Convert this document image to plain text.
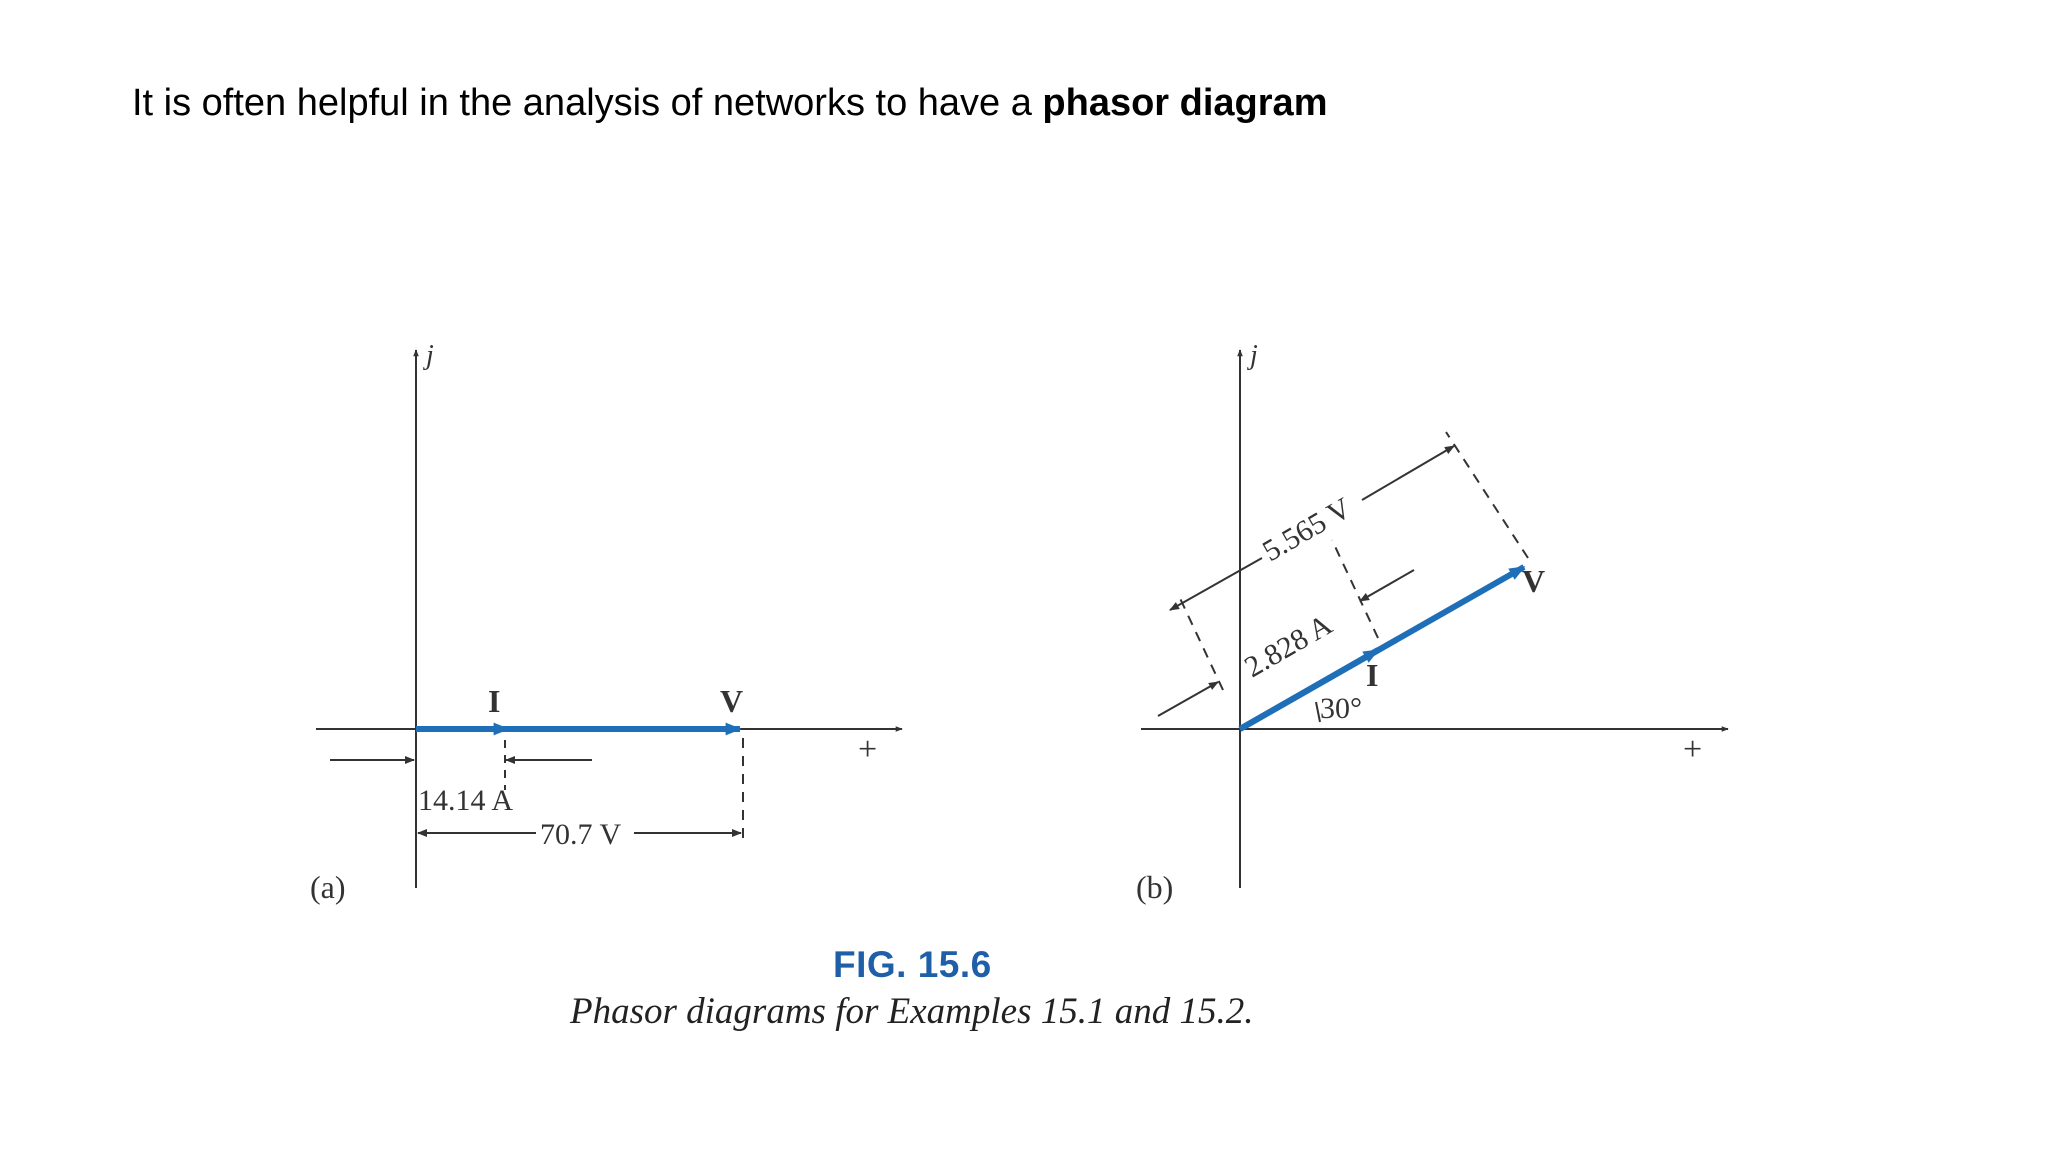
It is often helpful in the analysis of networks to have a phasor diagram
j
+
I	V
14.14 A
70.7 V
(a)
j
+
V
I
30°
2.828 A
5.565 V
(b)
FIG. 15.6
Phasor diagrams for Examples 15.1 and 15.2.
